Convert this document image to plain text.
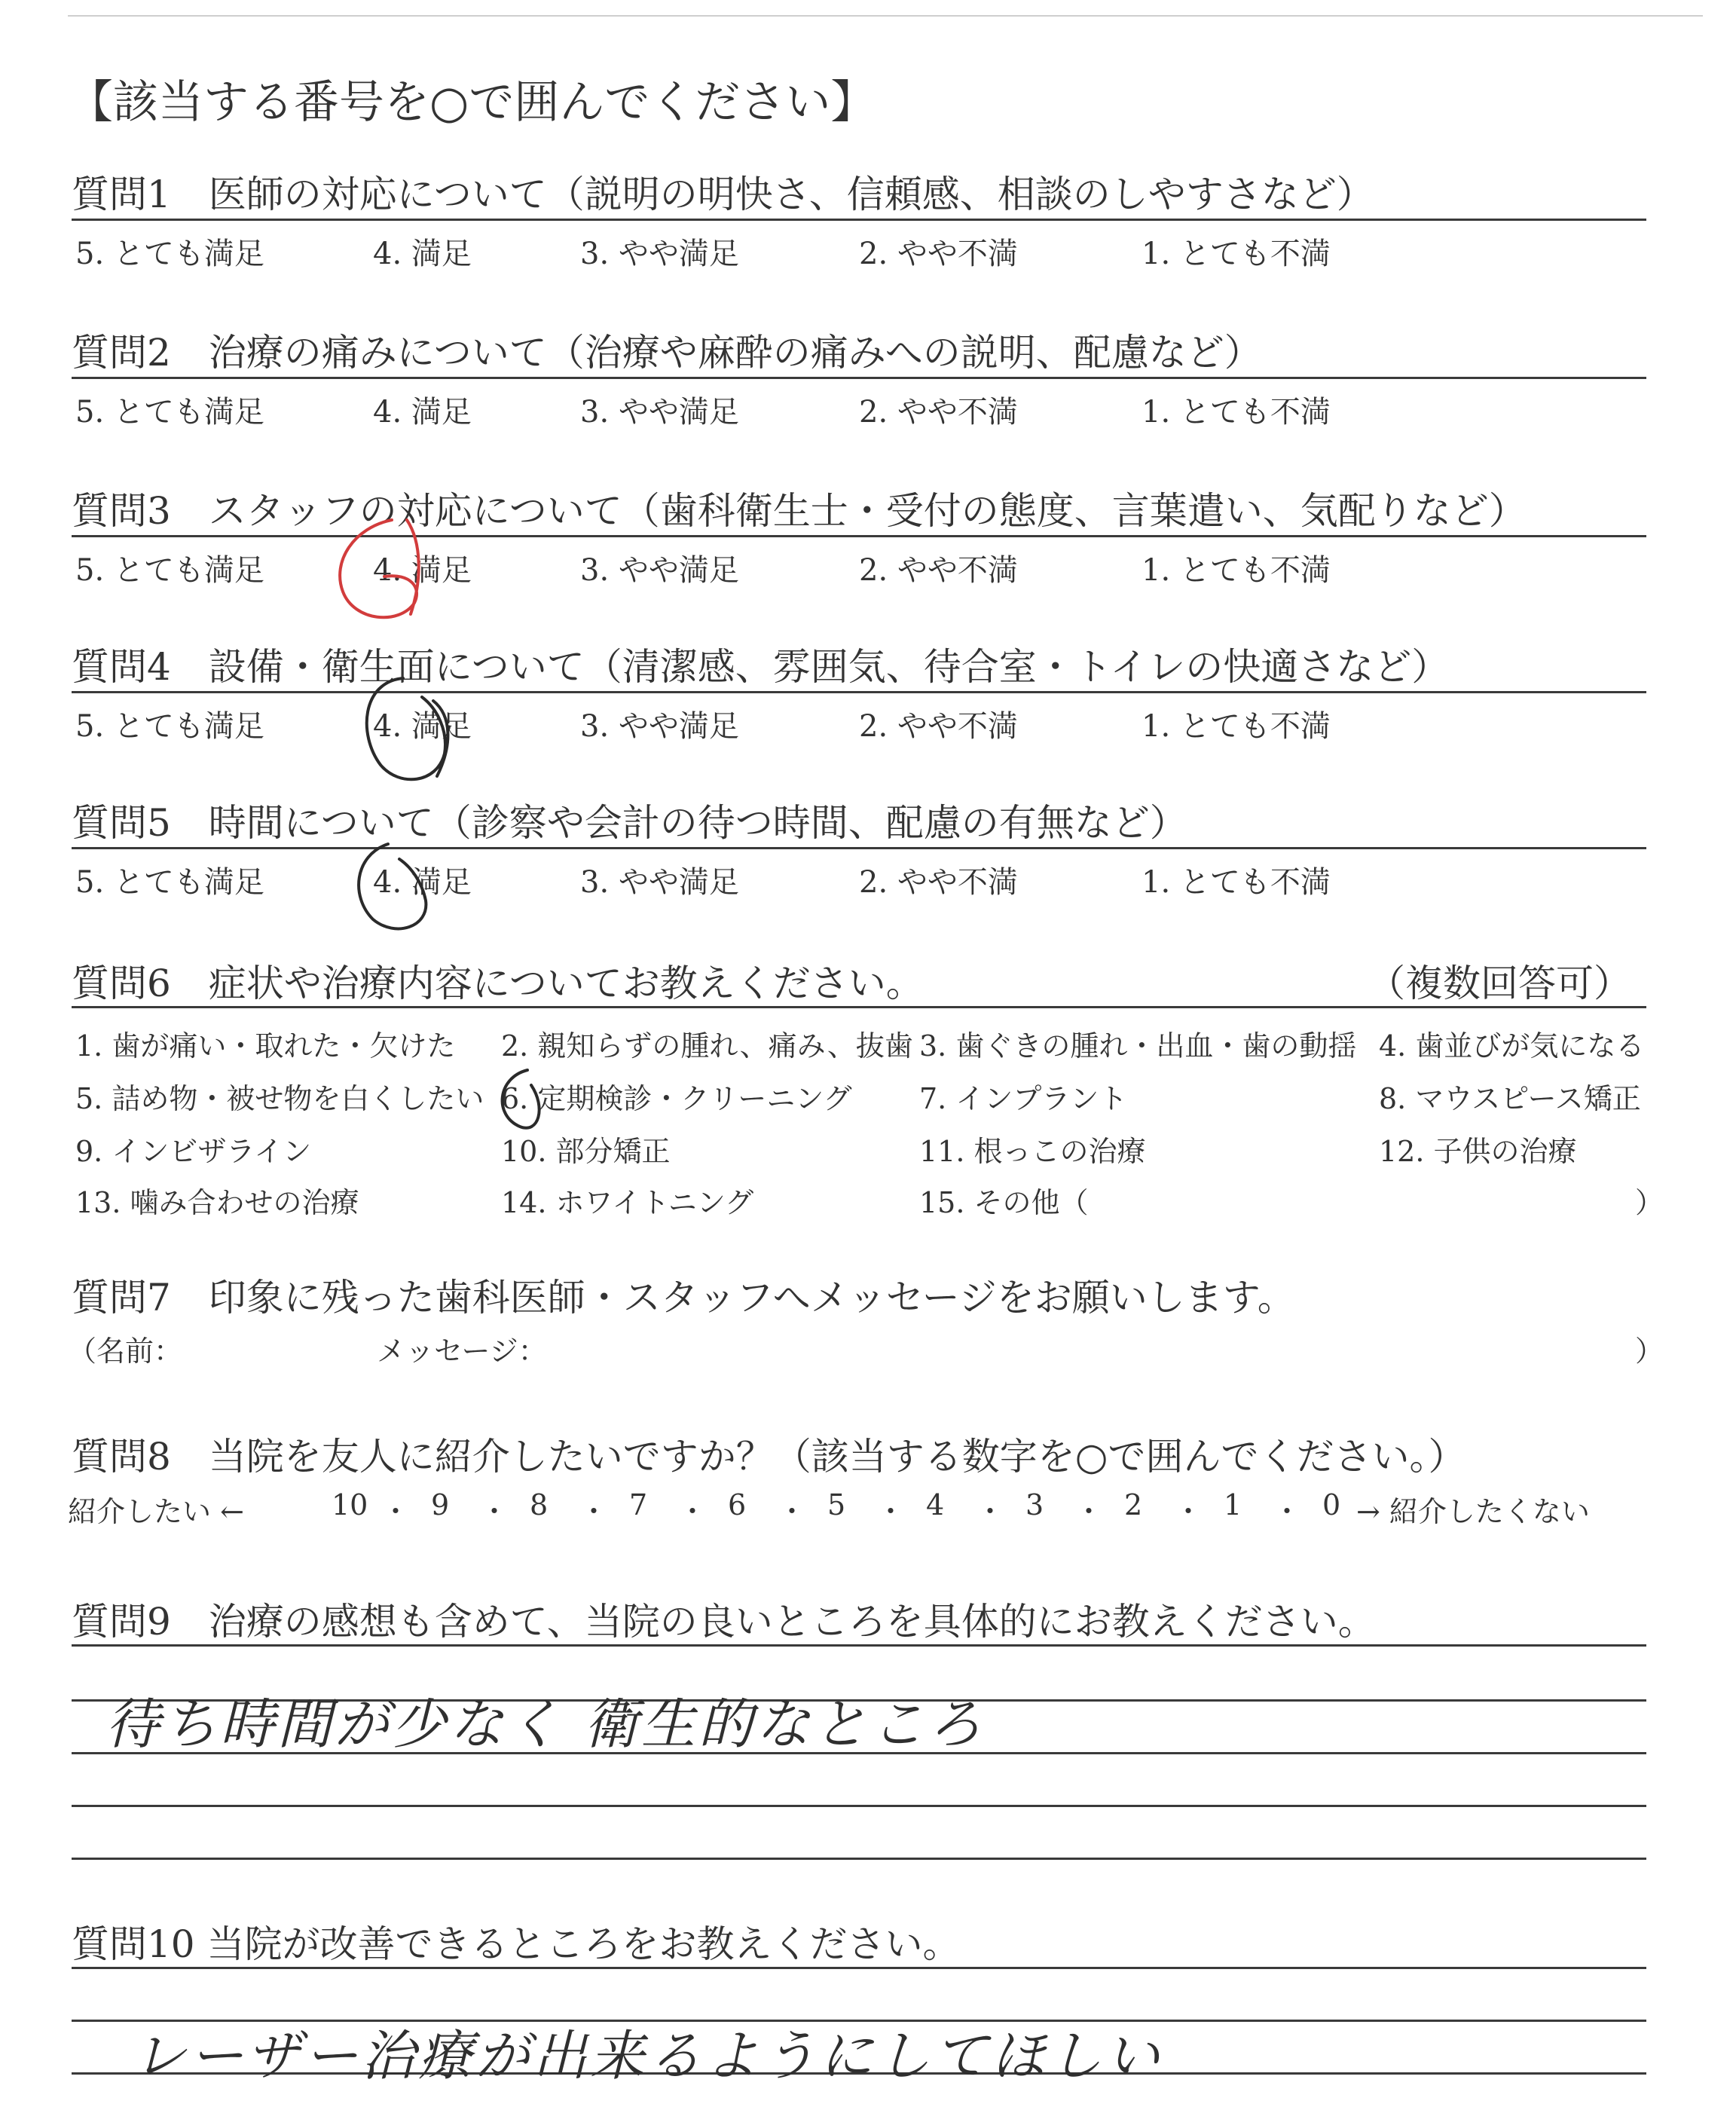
【該当する番号を○で囲んでください】
質問1　医師の対応について（説明の明快さ、信頼感、相談のしやすさなど）
5. とても満足	4. 満足	3. やや満足	2. やや不満	1. とても不満
質問2　治療の痛みについて（治療や麻酔の痛みへの説明、配慮など）
5. とても満足	4. 満足	3. やや満足	2. やや不満	1. とても不満
質問3　スタッフの対応について（歯科衛生士・受付の態度、言葉遣い、気配りなど）
5. とても満足	4. 満足	3. やや満足	2. やや不満	1. とても不満
質問4　設備・衛生面について（清潔感、雰囲気、待合室・トイレの快適さなど）
5. とても満足	4. 満足	3. やや満足	2. やや不満	1. とても不満
質問5　時間について（診察や会計の待つ時間、配慮の有無など）
5. とても満足	4. 満足	3. やや満足	2. やや不満	1. とても不満
質問6　症状や治療内容についてお教えください。	（複数回答可）
1. 歯が痛い・取れた・欠けた 2. 親知らずの腫れ、痛み、抜歯 3. 歯ぐきの腫れ・出血・歯の動揺 4. 歯並びが気になる
5. 詰め物・被せ物を白くしたい 6. 定期検診・クリーニング 7. インプラント	8. マウスピース矯正
9. インビザライン	10. 部分矯正	11. 根っこの治療	12. 子供の治療
13. 噛み合わせの治療	14. ホワイトニング	15. その他（	）
質問7　印象に残った歯科医師・スタッフへメッセージをお願いします。
（名前：	メッセージ：	）
質問8　当院を友人に紹介したいですか？（該当する数字を○で囲んでください。）
紹介したい ←	→ 紹介したくない
10 ・ 9 ・ 8 ・ 7 ・ 6 ・ 5 ・ 4 ・ 3 ・ 2 ・ 1 ・ 0
質問9　治療の感想も含めて、当院の良いところを具体的にお教えください。
待ち時間が少なく 衛生的なところ
質問10 当院が改善できるところをお教えください。
レーザー治療が出来るようにしてほしい
